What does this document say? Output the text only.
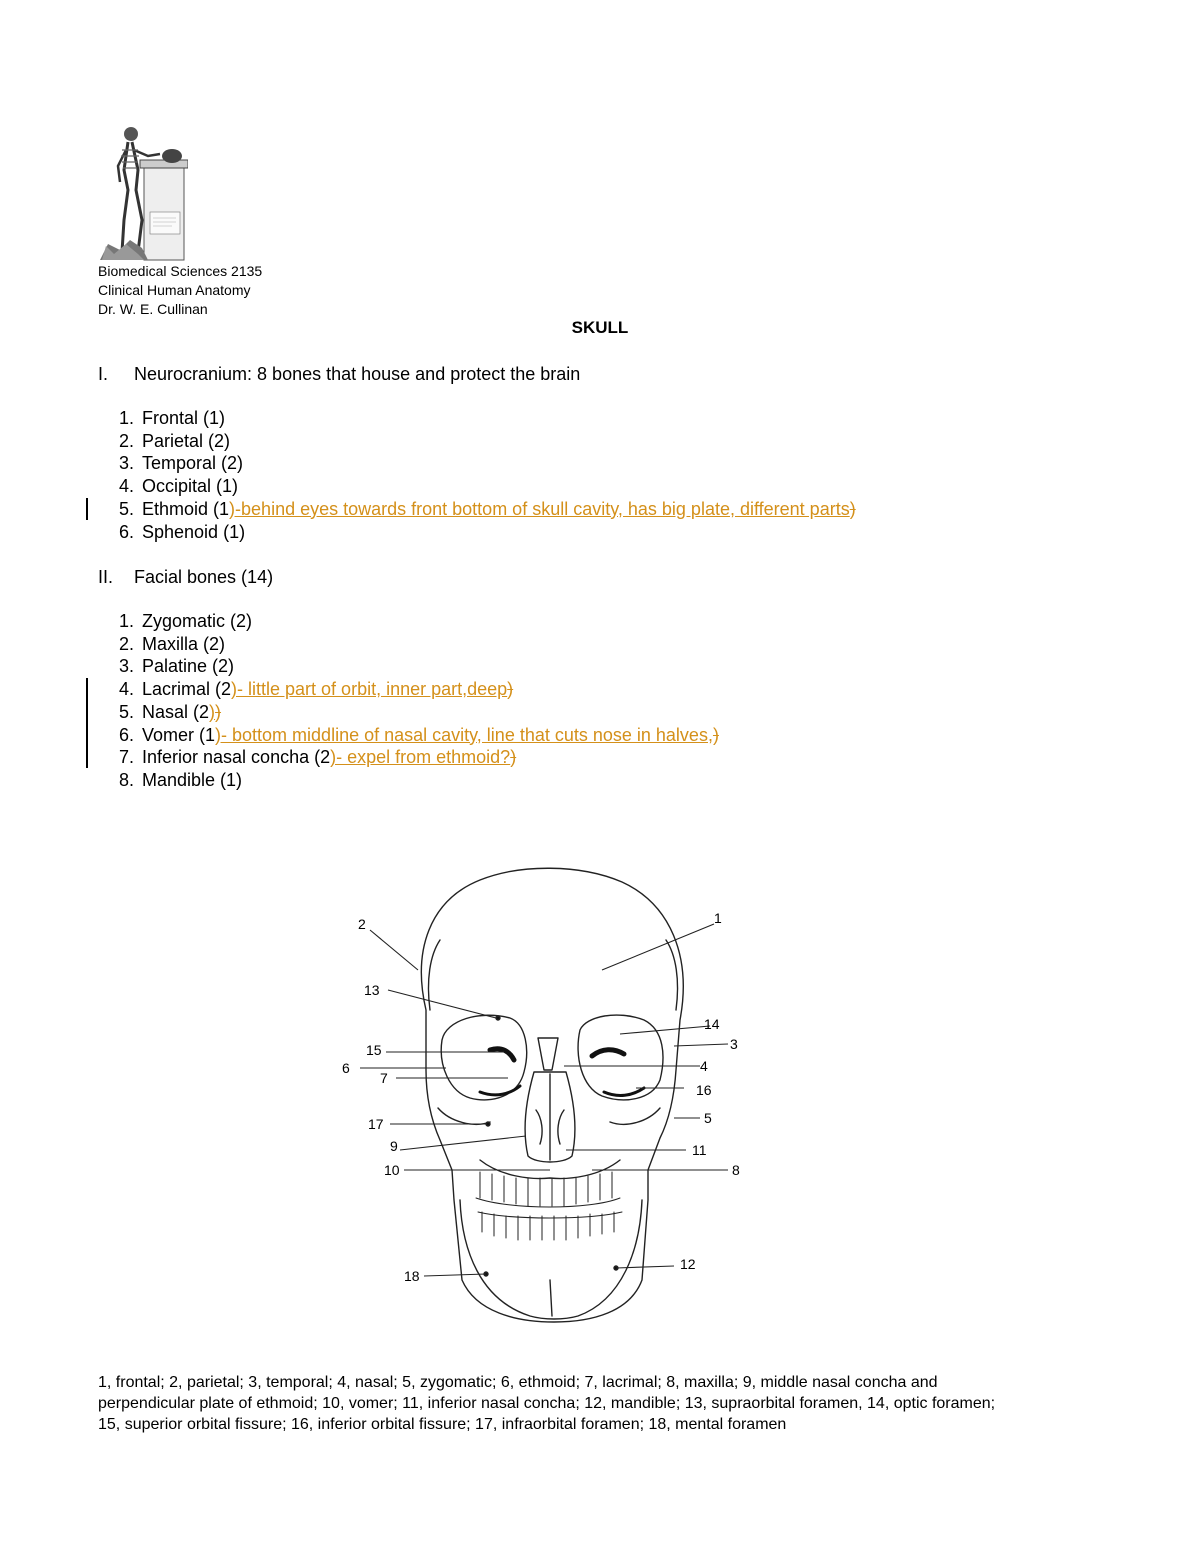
Biomedical Sciences 2135
Clinical Human Anatomy
Dr. W. E. Cullinan
SKULL
I. Neurocranium: 8 bones that house and protect the brain
1. Frontal (1)
2. Parietal (2)
3. Temporal (2)
4. Occipital (1)
5. Ethmoid (1)-behind eyes towards front bottom of skull cavity, has big plate, different parts)
6. Sphenoid (1)
II. Facial bones (14)
1. Zygomatic (2)
2. Maxilla (2)
3. Palatine (2)
4. Lacrimal (2)- little part of orbit, inner part,deep)
5. Nasal (2))
6. Vomer (1)- bottom middline of nasal cavity, line that cuts nose in halves,)
7. Inferior nasal concha (2)- expel from ethmoid?)
8. Mandible (1)
2	1
13
14
3
15
4
6
7
16
5
17
9	11
10	8
18
12
1, frontal; 2, parietal; 3, temporal; 4, nasal; 5, zygomatic; 6, ethmoid; 7, lacrimal; 8, maxilla; 9, middle nasal concha and
perpendicular plate of ethmoid; 10, vomer; 11, inferior nasal concha; 12, mandible; 13, supraorbital foramen, 14, optic foramen;
15, superior orbital fissure; 16, inferior orbital fissure; 17, infraorbital foramen; 18, mental foramen
